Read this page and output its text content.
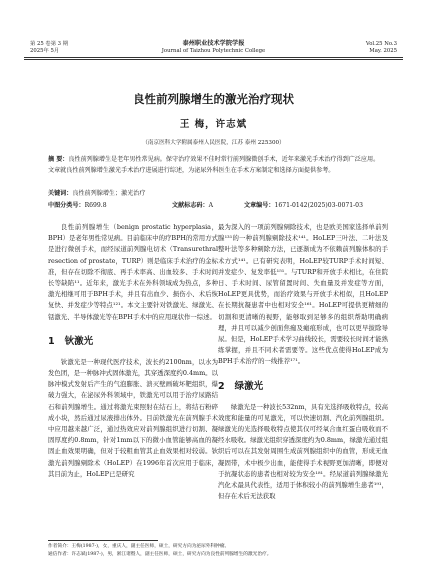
第 25 卷第 3 期
2025年 5月
泰州职业技术学院学报
Journal of Taizhou Polytechnic College
Vol.25 No.3
May. 2025
良性前列腺增生的激光治疗现状
王 梅，许志斌
（南京医科大学附属泰州人民医院，江苏 泰州 225300）
摘 要：良性前列腺增生是老年男性常见病。保守治疗效果不佳时常行前列腺微创手术，近年来激光手术治疗得到广泛应用。文章就良性前列腺增生激光手术治疗进展进行综述，为泌尿外科医生在手术方案制定和选择方面提供参考。
关键词：良性前列腺增生；激光治疗
中图分类号：R699.8	文献标志码：A	文章编号：1671-0142(2025)03-0071-03

良性前列腺增生（benign prostatic hyperplasia，BPH）是老年男性常见病。目前临床中的疗BPH的常用方式是进行微创手术，而经尿道前列腺电切术（Transurethral resection of prostate，TURP）则是临床手术治疗的金标准，但存在切除不彻底、再手术率高、出血较多、手术时间长等缺陷¹¹。近年来，激光手术在外科领域成为热点，多种激光相继可用于BPH手术，并且有出血少、损伤小、术后恢复快、并发症少等特点¹²¹。本文主要针对铁激光、绿激光、铥激光、半导体激光等在BPH手术中的应用现状作一综述。

1 钬激光

钬激光是一种现代医疗技术，波长约2100nm，以水为发色团，是一种脉冲式固体激光，其穿透深度约0.4mm。以脉冲模式发射后产生的气泡膨胀、溃灭壁画破坏靶组织，爆破力强大，在泌尿外科领域中，铁激光可以用于治疗尿路结石和前列腺增生。通过将激光束照射在结石上，将结石粉碎成小块，然后通过尿液排出体外。目前铁激光在前列腺手术中应用越来越广泛，通过热效应对前列腺组织进行切割、凝固厚度约0.8mm，针对1mm以下的微小血管能够高血的凝固止血效果明确，但对于较粗血管其止血效果相对较弱。钬激光前列腺剜除术（HoLEP）在1996年首次应用于临床，其目前为止，HoLEP已是研究

最为深入的一项前列腺剜除技术，也是欧美国家选择单前列腺¹³¹的一种前列腺剜除技术¹⁴¹。HoLEP三叶法、二叶法及整叶法等多种剜除方法，已逐渐成为不依赖前列腺体积的手术方式¹⁴¹。已有研究表明，HoLEP较TURP手术时间短、并发症少、复发率低¹⁵¹。与TURP和开放手术相比，在住院日、手术时间、尿管留置时间、失血量及并发症等方面，HoLEP更具优势，而治疗效果与开放手术相似，且HoLEP在长期抗凝患者中也相对安全¹⁶¹。HoLEP可提供更精细的切割和更清晰的视野，能够取到足够多的组织帮助明确病理，并且可以减少创面焦痂及瘢痕形成，也可以更早拔除导尿。但是，HoLEP手术学习曲线较长，需要较长时间才能熟练掌握，并且不同术者需要等。这些优点使得HoLEP成为BPH手术治疗的一线推荐¹⁷¹。

2 绿激光

绿激光是一种波长532nm，具有光选择吸收特点，较高效度和能量的可见激光，可以快速切割、汽化前列腺组织。绿激光的光选择吸收特点使其仅可经氧合血红蛋白吸收而不经水吸收。绿激光组织穿透深度约为0.8mm，绿激光通过组织后可以在其发射周围生成前列腺组织中的血管，形成无血凝固带，术中极少出血，能使得手术视野更加清晰，即便对于抗凝状态的患者也相对较为安全¹⁸¹。经尿道前列腺绿激光汽化术最具代表性，适用于体积较小的前列腺增生患者¹⁹¹，但存在术后无法获取

作者简介：王梅(1987-)，女，重庆人，副主任医师，硕士，研究方向为泌尿外科肿瘤。
通信作者：许志斌(1987-)，男，浙江诸暨人，副主任医师，硕士，研究方向为良性前列腺增生的激光治疗。
